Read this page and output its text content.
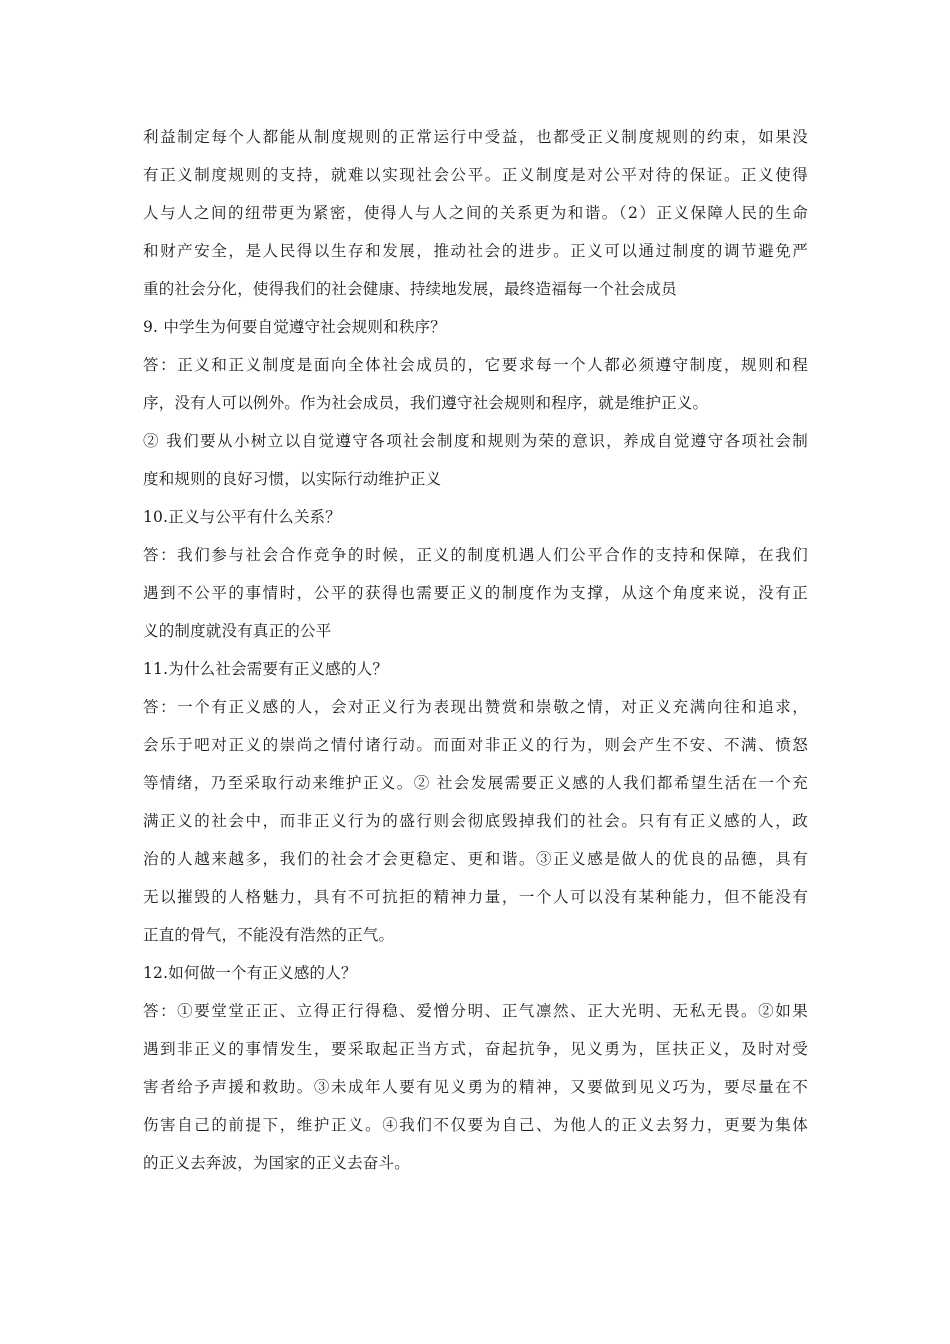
利益制定每个人都能从制度规则的正常运行中受益，也都受正义制度规则的约束，如果没
有正义制度规则的支持，就难以实现社会公平。正义制度是对公平对待的保证。正义使得
人与人之间的纽带更为紧密，使得人与人之间的关系更为和谐。（2）正义保障人民的生命
和财产安全，是人民得以生存和发展，推动社会的进步。正义可以通过制度的调节避免严
重的社会分化，使得我们的社会健康、持续地发展，最终造福每一个社会成员
9. 中学生为何要自觉遵守社会规则和秩序？
答：正义和正义制度是面向全体社会成员的，它要求每一个人都必须遵守制度，规则和程
序，没有人可以例外。作为社会成员，我们遵守社会规则和程序，就是维护正义。
② 我们要从小树立以自觉遵守各项社会制度和规则为荣的意识，养成自觉遵守各项社会制
度和规则的良好习惯，以实际行动维护正义
10.正义与公平有什么关系？
答：我们参与社会合作竞争的时候，正义的制度机遇人们公平合作的支持和保障，在我们
遇到不公平的事情时，公平的获得也需要正义的制度作为支撑，从这个角度来说，没有正
义的制度就没有真正的公平
11.为什么社会需要有正义感的人？
答：一个有正义感的人，会对正义行为表现出赞赏和崇敬之情，对正义充满向往和追求，
会乐于吧对正义的崇尚之情付诸行动。而面对非正义的行为，则会产生不安、不满、愤怒
等情绪，乃至采取行动来维护正义。② 社会发展需要正义感的人我们都希望生活在一个充
满正义的社会中，而非正义行为的盛行则会彻底毁掉我们的社会。只有有正义感的人，政
治的人越来越多，我们的社会才会更稳定、更和谐。③正义感是做人的优良的品德，具有
无以摧毁的人格魅力，具有不可抗拒的精神力量，一个人可以没有某种能力，但不能没有
正直的骨气，不能没有浩然的正气。
12.如何做一个有正义感的人？
答：①要堂堂正正、立得正行得稳、爱憎分明、正气凛然、正大光明、无私无畏。②如果
遇到非正义的事情发生，要采取起正当方式，奋起抗争，见义勇为，匡扶正义，及时对受
害者给予声援和救助。③未成年人要有见义勇为的精神，又要做到见义巧为，要尽量在不
伤害自己的前提下，维护正义。④我们不仅要为自己、为他人的正义去努力，更要为集体
的正义去奔波，为国家的正义去奋斗。
